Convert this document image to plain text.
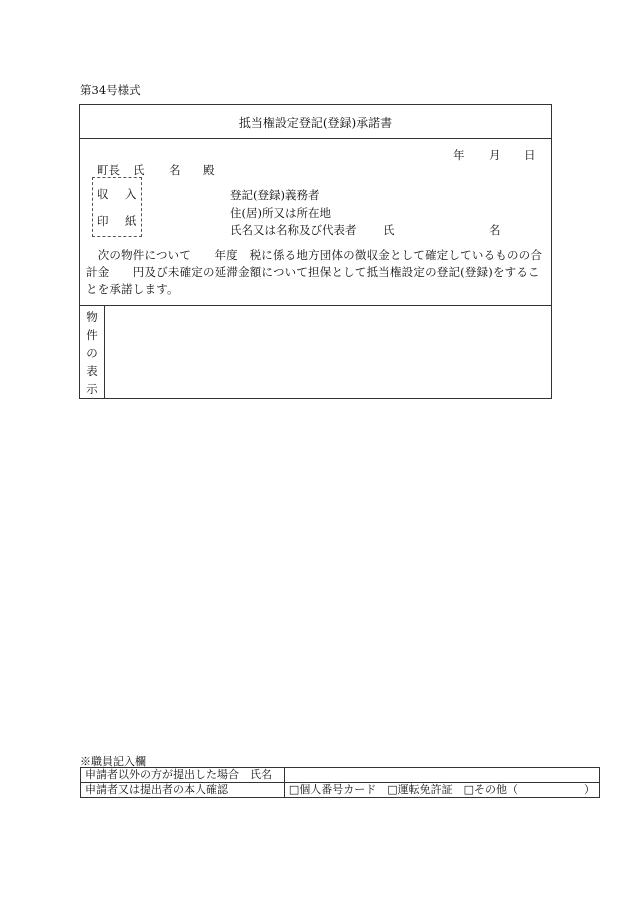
第34号様式
抵当権設定登記(登録)承諾書
年 月 日
町長 氏 名 殿
収 入
印 紙
登記(登録)義務者
住(居)所又は所在地
氏名又は名称及び代表者 氏	名
　次の物件について　　年度　税に係る地方団体の徴収金として確定しているものの合計金　　円及び未確定の延滞金額について担保として抵当権設定の登記(登録)をすることを承諾します。
物
件
の
表
示
※職員記入欄
申請者以外の方が提出した場合　氏名	
申請者又は提出者の本人確認	□個人番号カード　□運転免許証　□その他（　　　　　　）
